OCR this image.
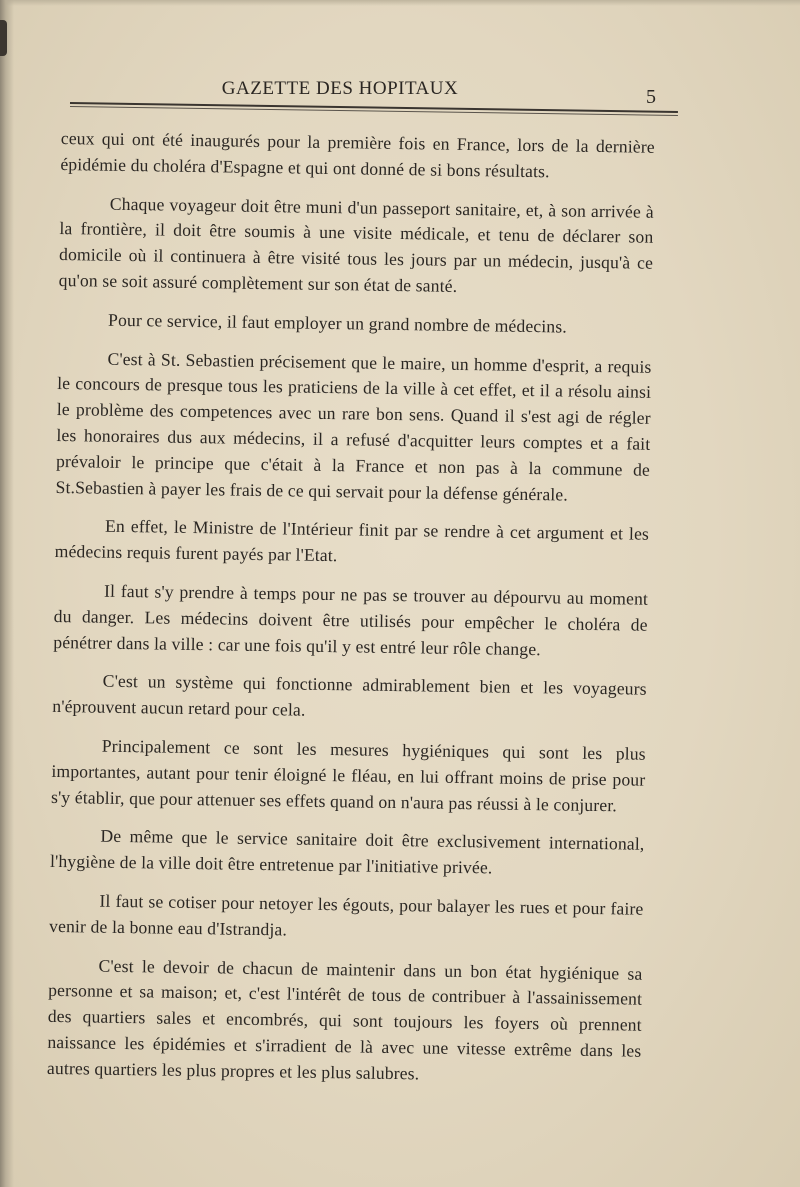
GAZETTE DES HOPITAUX	5

ceux qui ont été inaugurés pour la première fois en France, lors de la dernière épidémie du choléra d'Espagne et qui ont donné de si bons résultats.

Chaque voyageur doit être muni d'un passeport sanitaire, et, à son arrivée à la frontière, il doit être soumis à une visite médicale, et tenu de déclarer son domicile où il continuera à être visité tous les jours par un médecin, jusqu'à ce qu'on se soit assuré complètement sur son état de santé.

Pour ce service, il faut employer un grand nombre de médecins.

C'est à St. Sebastien précisement que le maire, un homme d'esprit, a requis le concours de presque tous les praticiens de la ville à cet effet, et il a résolu ainsi le problème des competences avec un rare bon sens. Quand il s'est agi de régler les honoraires dus aux médecins, il a refusé d'acquitter leurs comptes et a fait prévaloir le principe que c'était à la France et non pas à la commune de St.Sebastien à payer les frais de ce qui servait pour la défense générale.

En effet, le Ministre de l'Intérieur finit par se rendre à cet argument et les médecins requis furent payés par l'Etat.

Il faut s'y prendre à temps pour ne pas se trouver au dépourvu au moment du danger. Les médecins doivent être utilisés pour empêcher le choléra de pénétrer dans la ville : car une fois qu'il y est entré leur rôle change.

C'est un système qui fonctionne admirablement bien et les voyageurs n'éprouvent aucun retard pour cela.

Principalement ce sont les mesures hygiéniques qui sont les plus importantes, autant pour tenir éloigné le fléau, en lui offrant moins de prise pour s'y établir, que pour attenuer ses effets quand on n'aura pas réussi à le conjurer.

De même que le service sanitaire doit être exclusivement international, l'hygiène de la ville doit être entretenue par l'initiative privée.

Il faut se cotiser pour netoyer les égouts, pour balayer les rues et pour faire venir de la bonne eau d'Istrandja.

C'est le devoir de chacun de maintenir dans un bon état hygiénique sa personne et sa maison; et, c'est l'intérêt de tous de contribuer à l'assainissement des quartiers sales et encombrés, qui sont toujours les foyers où prennent naissance les épidémies et s'irradient de là avec une vitesse extrême dans les autres quartiers les plus propres et les plus salubres.
